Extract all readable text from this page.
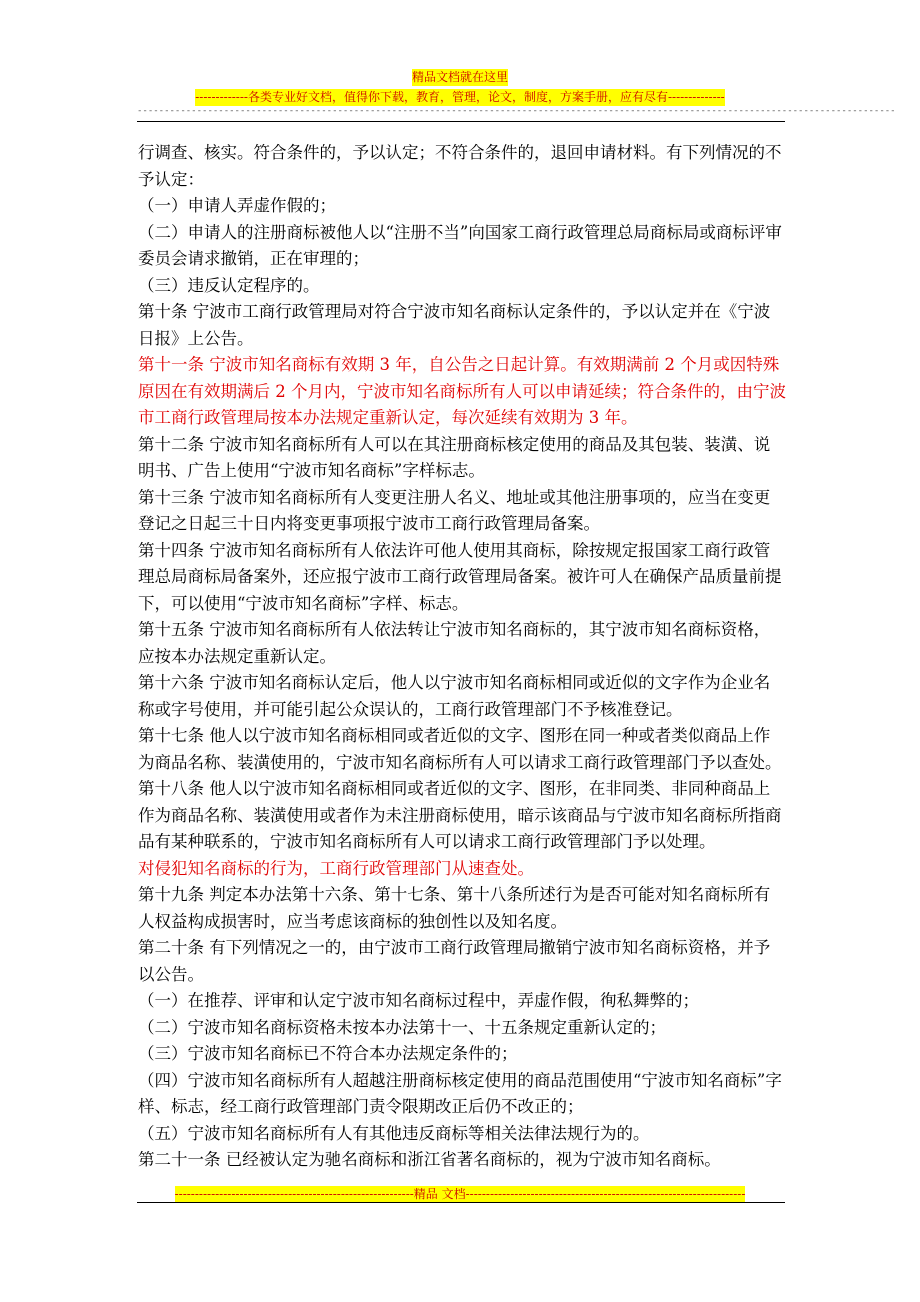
精品文档就在这里
-------------各类专业好文档，值得你下载，教育，管理，论文，制度，方案手册，应有尽有--------------
--------------------------------------------------------------------------------------------------------------------------------------------

行调查、核实。符合条件的，予以认定；不符合条件的，退回申请材料。有下列情况的不予认定：

（一）申请人弄虚作假的；

（二）申请人的注册商标被他人以“注册不当”向国家工商行政管理总局商标局或商标评审委员会请求撤销，正在审理的；

（三）违反认定程序的。

第十条 宁波市工商行政管理局对符合宁波市知名商标认定条件的，予以认定并在《宁波日报》上公告。

第十一条 宁波市知名商标有效期 3 年，自公告之日起计算。有效期满前 2 个月或因特殊原因在有效期满后 2 个月内，宁波市知名商标所有人可以申请延续；符合条件的，由宁波市工商行政管理局按本办法规定重新认定，每次延续有效期为 3 年。

第十二条 宁波市知名商标所有人可以在其注册商标核定使用的商品及其包装、装潢、说明书、广告上使用“宁波市知名商标”字样标志。

第十三条 宁波市知名商标所有人变更注册人名义、地址或其他注册事项的，应当在变更登记之日起三十日内将变更事项报宁波市工商行政管理局备案。

第十四条 宁波市知名商标所有人依法许可他人使用其商标，除按规定报国家工商行政管理总局商标局备案外，还应报宁波市工商行政管理局备案。被许可人在确保产品质量前提下，可以使用“宁波市知名商标”字样、标志。

第十五条 宁波市知名商标所有人依法转让宁波市知名商标的，其宁波市知名商标资格，应按本办法规定重新认定。

第十六条 宁波市知名商标认定后，他人以宁波市知名商标相同或近似的文字作为企业名称或字号使用，并可能引起公众误认的，工商行政管理部门不予核准登记。

第十七条 他人以宁波市知名商标相同或者近似的文字、图形在同一种或者类似商品上作为商品名称、装潢使用的，宁波市知名商标所有人可以请求工商行政管理部门予以查处。

第十八条 他人以宁波市知名商标相同或者近似的文字、图形，在非同类、非同种商品上作为商品名称、装潢使用或者作为未注册商标使用，暗示该商品与宁波市知名商标所指商品有某种联系的，宁波市知名商标所有人可以请求工商行政管理部门予以处理。

对侵犯知名商标的行为，工商行政管理部门从速查处。

第十九条 判定本办法第十六条、第十七条、第十八条所述行为是否可能对知名商标所有人权益构成损害时，应当考虑该商标的独创性以及知名度。

第二十条 有下列情况之一的，由宁波市工商行政管理局撤销宁波市知名商标资格，并予以公告。

（一）在推荐、评审和认定宁波市知名商标过程中，弄虚作假，徇私舞弊的；

（二）宁波市知名商标资格未按本办法第十一、十五条规定重新认定的；

（三）宁波市知名商标已不符合本办法规定条件的；

（四）宁波市知名商标所有人超越注册商标核定使用的商品范围使用“宁波市知名商标”字样、标志，经工商行政管理部门责令限期改正后仍不改正的；

（五）宁波市知名商标所有人有其他违反商标等相关法律法规行为的。

第二十一条 已经被认定为驰名商标和浙江省著名商标的，视为宁波市知名商标。

-----------------------------------------------------------精品 文档---------------------------------------------------------------------
